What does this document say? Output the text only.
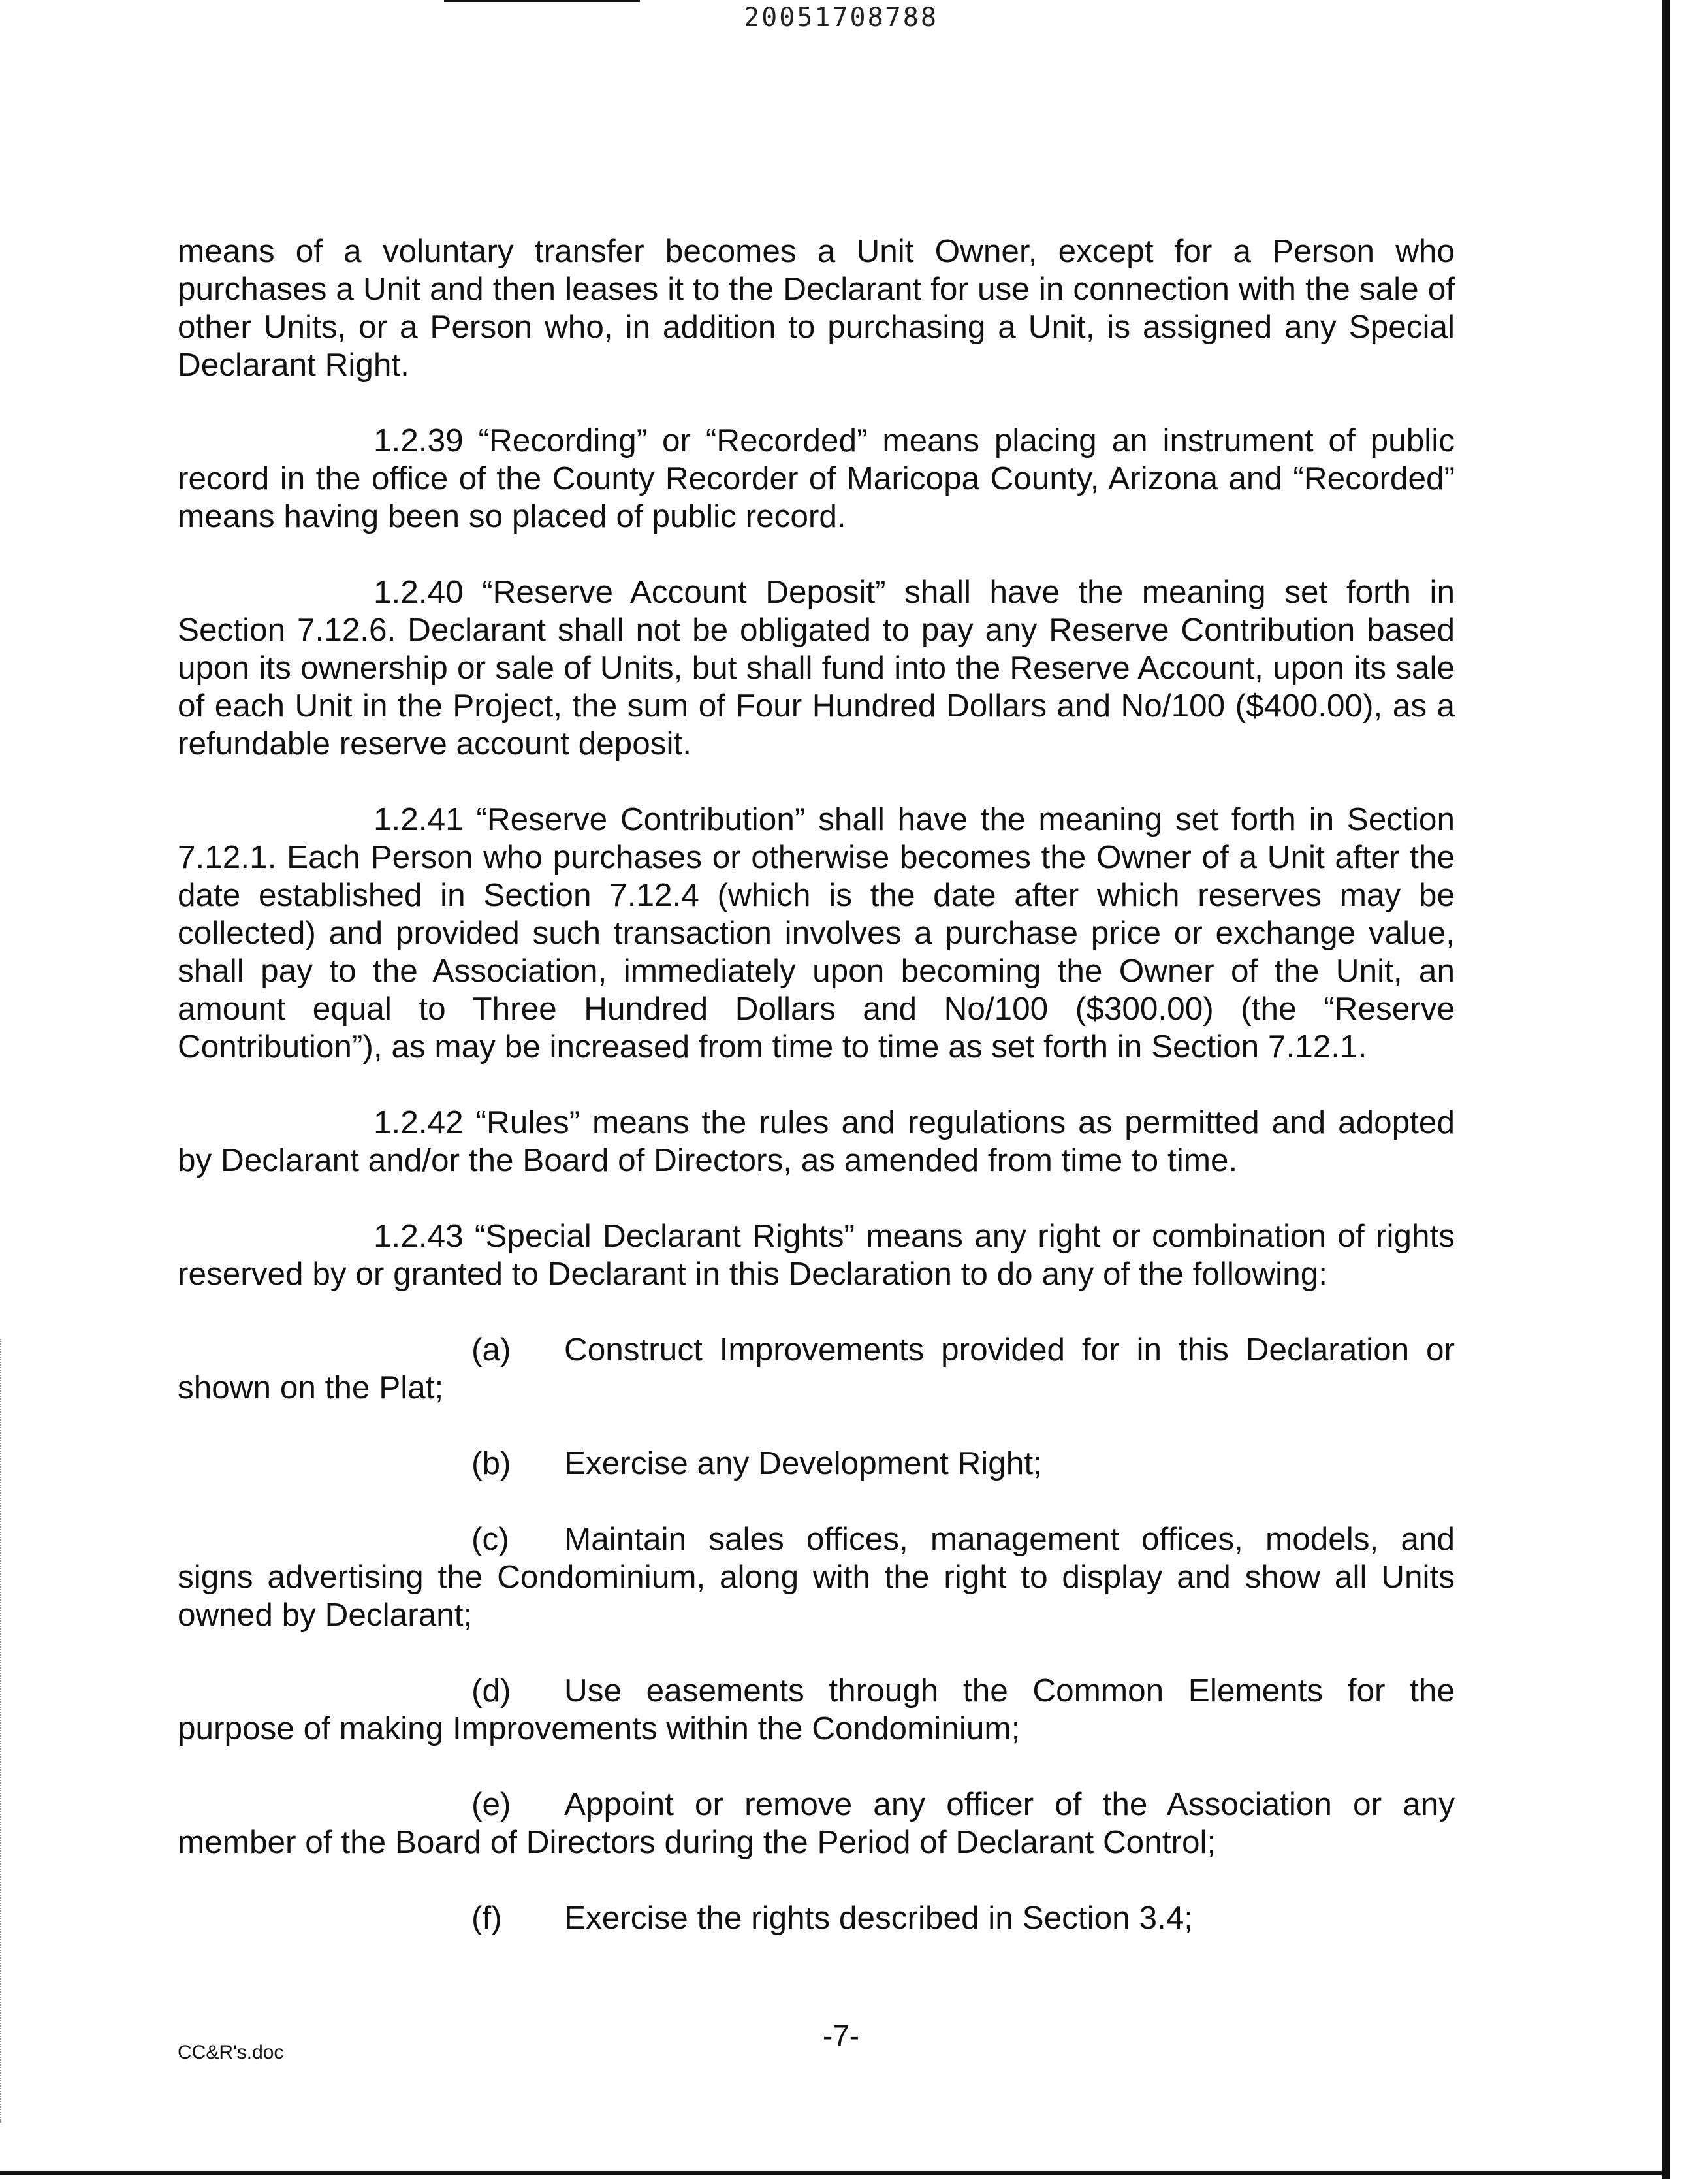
20051708788

means of a voluntary transfer becomes a Unit Owner, except for a Person who purchases a Unit and then leases it to the Declarant for use in connection with the sale of other Units, or a Person who, in addition to purchasing a Unit, is assigned any Special Declarant Right.

1.2.39 “Recording” or “Recorded” means placing an instrument of public record in the office of the County Recorder of Maricopa County, Arizona and “Recorded” means having been so placed of public record.

1.2.40 “Reserve Account Deposit” shall have the meaning set forth in Section 7.12.6. Declarant shall not be obligated to pay any Reserve Contribution based upon its ownership or sale of Units, but shall fund into the Reserve Account, upon its sale of each Unit in the Project, the sum of Four Hundred Dollars and No/100 ($400.00), as a refundable reserve account deposit.

1.2.41 “Reserve Contribution” shall have the meaning set forth in Section 7.12.1. Each Person who purchases or otherwise becomes the Owner of a Unit after the date established in Section 7.12.4 (which is the date after which reserves may be collected) and provided such transaction involves a purchase price or exchange value, shall pay to the Association, immediately upon becoming the Owner of the Unit, an amount equal to Three Hundred Dollars and No/100 ($300.00) (the “Reserve Contribution”), as may be increased from time to time as set forth in Section 7.12.1.

1.2.42 “Rules” means the rules and regulations as permitted and adopted by Declarant and/or the Board of Directors, as amended from time to time.

1.2.43 “Special Declarant Rights” means any right or combination of rights reserved by or granted to Declarant in this Declaration to do any of the following:

(a) Construct Improvements provided for in this Declaration or shown on the Plat;

(b) Exercise any Development Right;

(c) Maintain sales offices, management offices, models, and signs advertising the Condominium, along with the right to display and show all Units owned by Declarant;

(d) Use easements through the Common Elements for the purpose of making Improvements within the Condominium;

(e) Appoint or remove any officer of the Association or any member of the Board of Directors during the Period of Declarant Control;

(f) Exercise the rights described in Section 3.4;

-7-
CC&R's.doc
